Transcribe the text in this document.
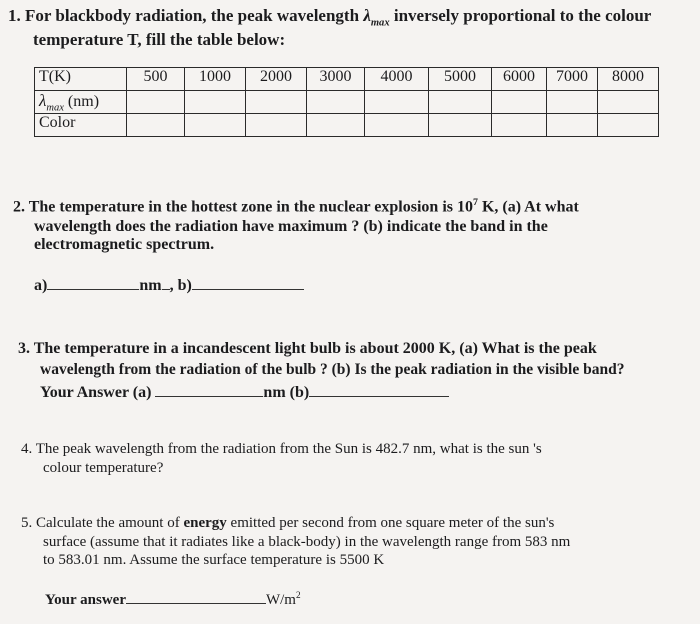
1. For blackbody radiation, the peak wavelength $\lambda_{max}$ inversely proportional to the colour
temperature T, fill the table below:
T(K)	500	1000	2000	3000	4000	5000	6000	7000	8000
$\lambda_{max}$ (nm)									
Color									
2. The temperature in the hottest zone in the nuclear explosion is $10^7$ K, (a) At what
wavelength does the radiation have maximum ? (b) indicate the band in the
electromagnetic spectrum.
a)	nm , b)
3. The temperature in a incandescent light bulb is about 2000 K, (a) What is the peak
wavelength from the radiation of the bulb ? (b) Is the peak radiation in the visible band?
Your Answer (a)	nm (b)
4. The peak wavelength from the radiation from the Sun is 482.7 nm, what is the sun 's
colour temperature?
5. Calculate the amount of energy emitted per second from one square meter of the sun's
surface (assume that it radiates like a black-body) in the wavelength range from 583 nm
to 583.01 nm. Assume the surface temperature is 5500 K
Your answer	$W/m^2$
